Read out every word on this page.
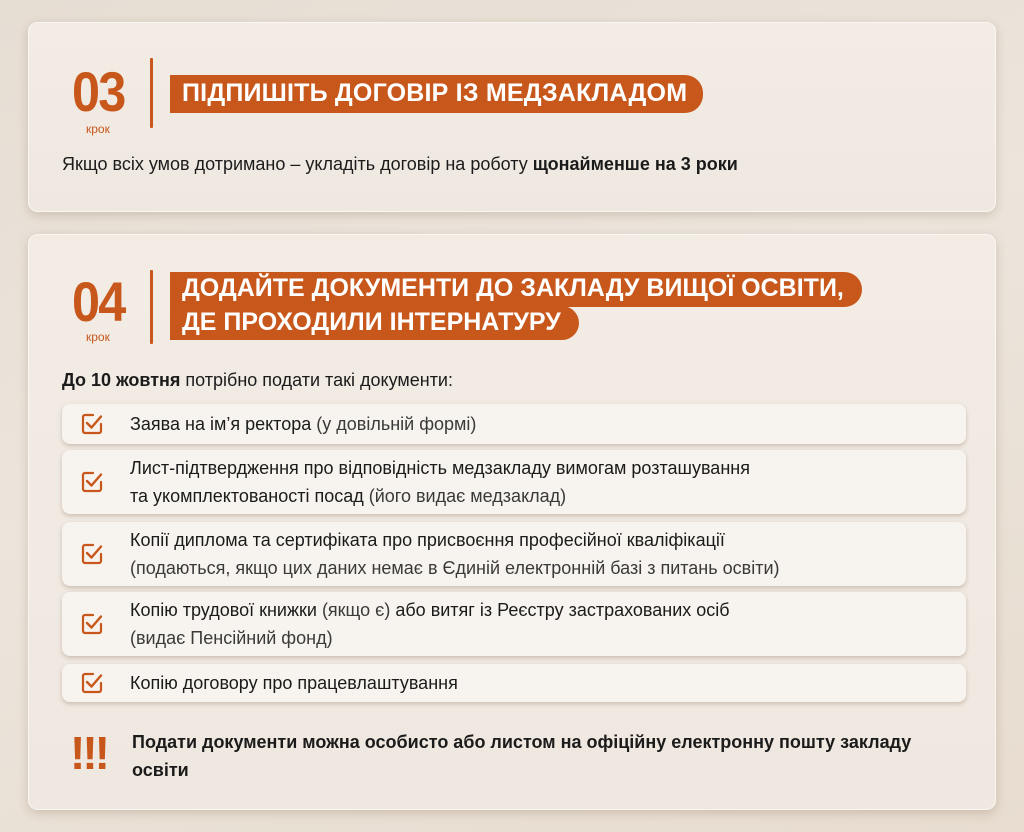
03
крок
ПІДПИШІТЬ ДОГОВІР ІЗ МЕДЗАКЛАДОМ
Якщо всіх умов дотримано – укладіть договір на роботу щонайменше на 3 роки
04
крок
ДОДАЙТЕ ДОКУМЕНТИ ДО ЗАКЛАДУ ВИЩОЇ ОСВІТИ,
ДЕ ПРОХОДИЛИ ІНТЕРНАТУРУ
До 10 жовтня потрібно подати такі документи:
Заява на ім’я ректора (у довільній формі)
Лист-підтвердження про відповідність медзакладу вимогам розташування
та укомплектованості посад (його видає медзаклад)
Копії диплома та сертифіката про присвоєння професійної кваліфікації
(подаються, якщо цих даних немає в Єдиній електронній базі з питань освіти)
Копію трудової книжки (якщо є) або витяг із Реєстру застрахованих осіб
(видає Пенсійний фонд)
Копію договору про працевлаштування
!!! Подати документи можна особисто або листом на офіційну електронну пошту закладу освіти
